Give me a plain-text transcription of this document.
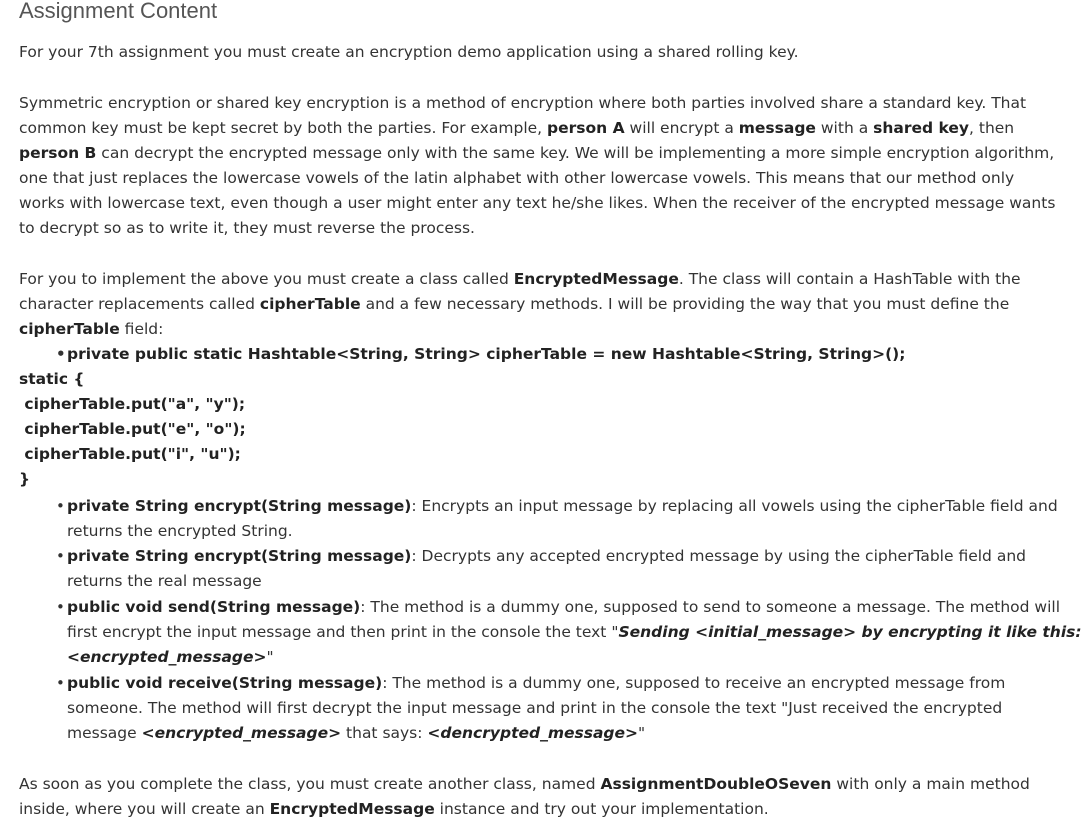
Assignment Content

For your 7th assignment you must create an encryption demo application using a shared rolling key.

Symmetric encryption or shared key encryption is a method of encryption where both parties involved share a standard key. That

common key must be kept secret by both the parties. For example, person A will encrypt a message with a shared key, then

person B can decrypt the encrypted message only with the same key. We will be implementing a more simple encryption algorithm,

one that just replaces the lowercase vowels of the latin alphabet with other lowercase vowels. This means that our method only

works with lowercase text, even though a user might enter any text he/she likes. When the receiver of the encrypted message wants

to decrypt so as to write it, they must reverse the process.

For you to implement the above you must create a class called EncryptedMessage. The class will contain a HashTable with the

character replacements called cipherTable and a few necessary methods. I will be providing the way that you must define the

cipherTable field:

• private public static Hashtable<String, String> cipherTable = new Hashtable<String, String>();

static {

cipherTable.put("a", "y");

cipherTable.put("e", "o");

cipherTable.put("i", "u");

}

• private String encrypt(String message): Encrypts an input message by replacing all vowels using the cipherTable field and

returns the encrypted String.

• private String encrypt(String message): Decrypts any accepted encrypted message by using the cipherTable field and

returns the real message

• public void send(String message): The method is a dummy one, supposed to send to someone a message. The method will

first encrypt the input message and then print in the console the text "Sending <initial_message> by encrypting it like this:

<encrypted_message>"

• public void receive(String message): The method is a dummy one, supposed to receive an encrypted message from

someone. The method will first decrypt the input message and print in the console the text "Just received the encrypted

message <encrypted_message> that says: <dencrypted_message>"

As soon as you complete the class, you must create another class, named AssignmentDoubleOSeven with only a main method

inside, where you will create an EncryptedMessage instance and try out your implementation.
